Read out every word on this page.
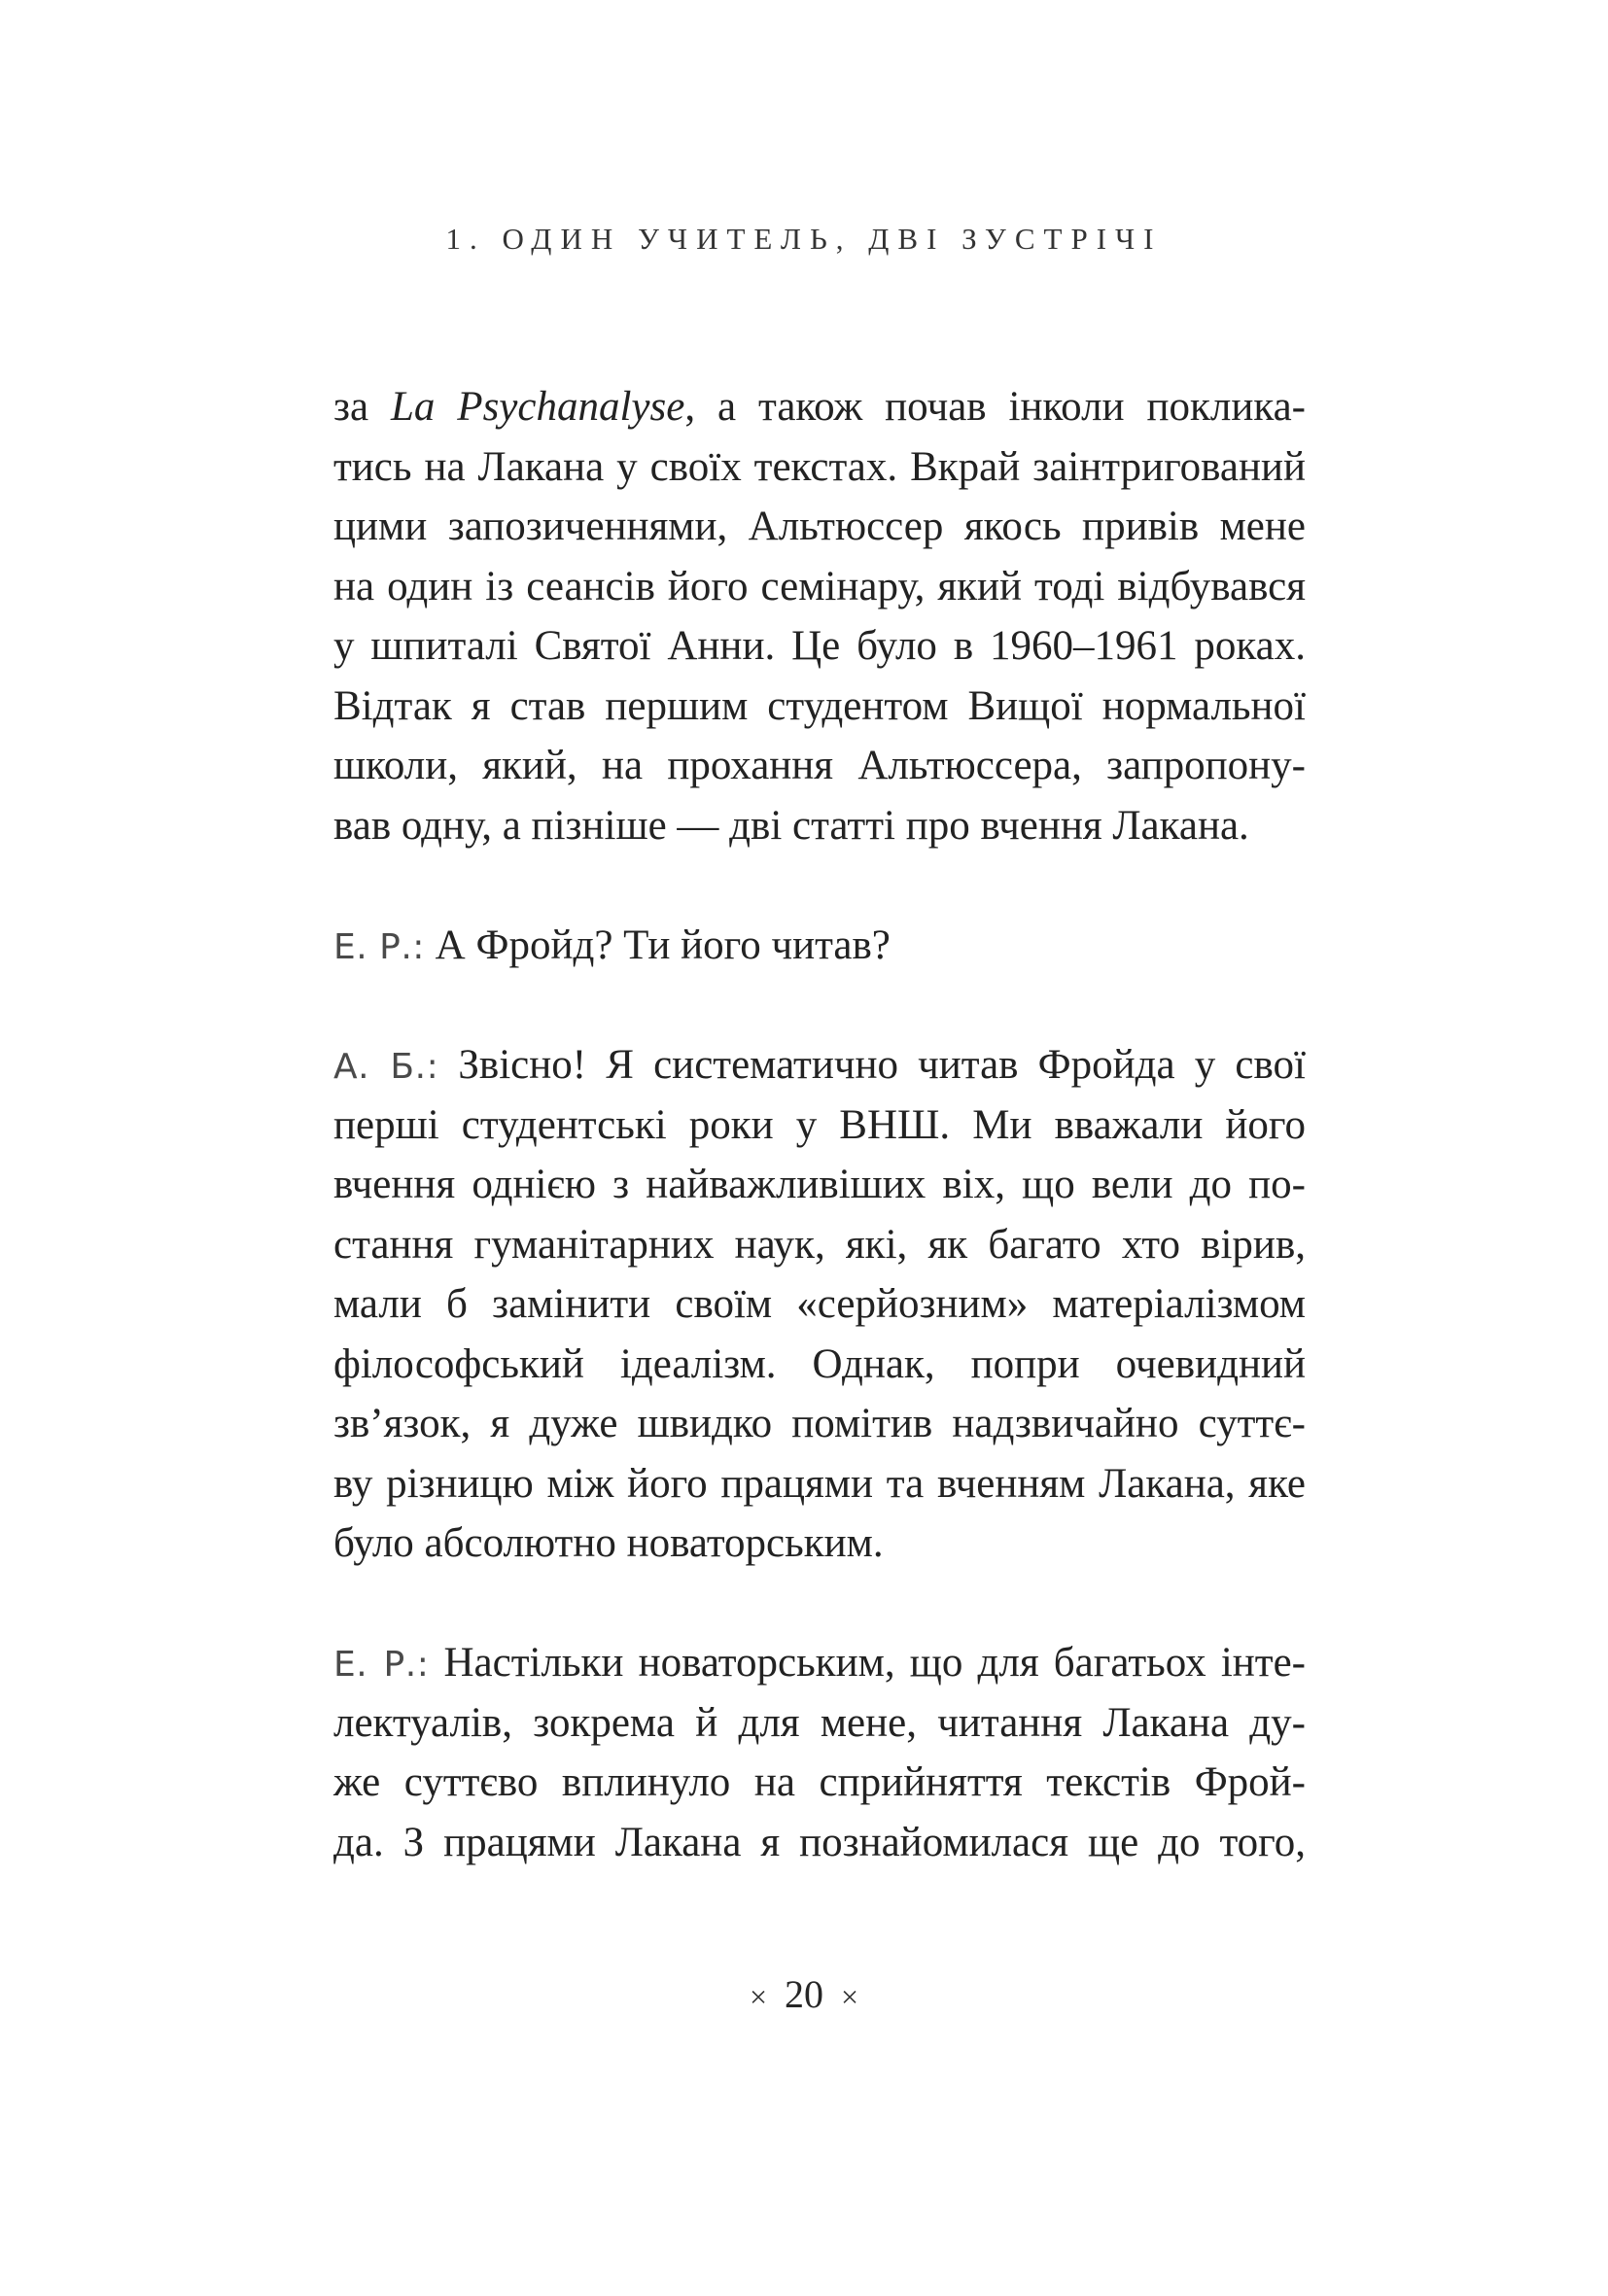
1. ОДИН УЧИТЕЛЬ, ДВІ ЗУСТРІЧІ
за La Psychanalyse, а також почав інколи поклика-
тись на Лакана у своїх текстах. Вкрай заінтригований
цими запозиченнями, Альтюссер якось привів мене
на один із сеансів його семінару, який тоді відбувався
у шпиталі Святої Анни. Це було в 1960–1961 роках.
Відтак я став першим студентом Вищої нормальної
школи, який, на прохання Альтюссера, запропону-
вав одну, а пізніше — дві статті про вчення Лакана.
Е. Р.: А Фройд? Ти його читав?
А. Б.: Звісно! Я систематично читав Фройда у свої
перші студентські роки у ВНШ. Ми вважали його
вчення однією з найважливіших віх, що вели до по-
стання гуманітарних наук, які, як багато хто вірив,
мали б замінити своїм «серйозним» матеріалізмом
філософський ідеалізм. Однак, попри очевидний
зв’язок, я дуже швидко помітив надзвичайно суттє-
ву різницю між його працями та вченням Лакана, яке
було абсолютно новаторським.
Е. Р.: Настільки новаторським, що для багатьох інте-
лектуалів, зокрема й для мене, читання Лакана ду-
же суттєво вплинуло на сприйняття текстів Фрой-
да. З працями Лакана я познайомилася ще до того,
× 20 ×
